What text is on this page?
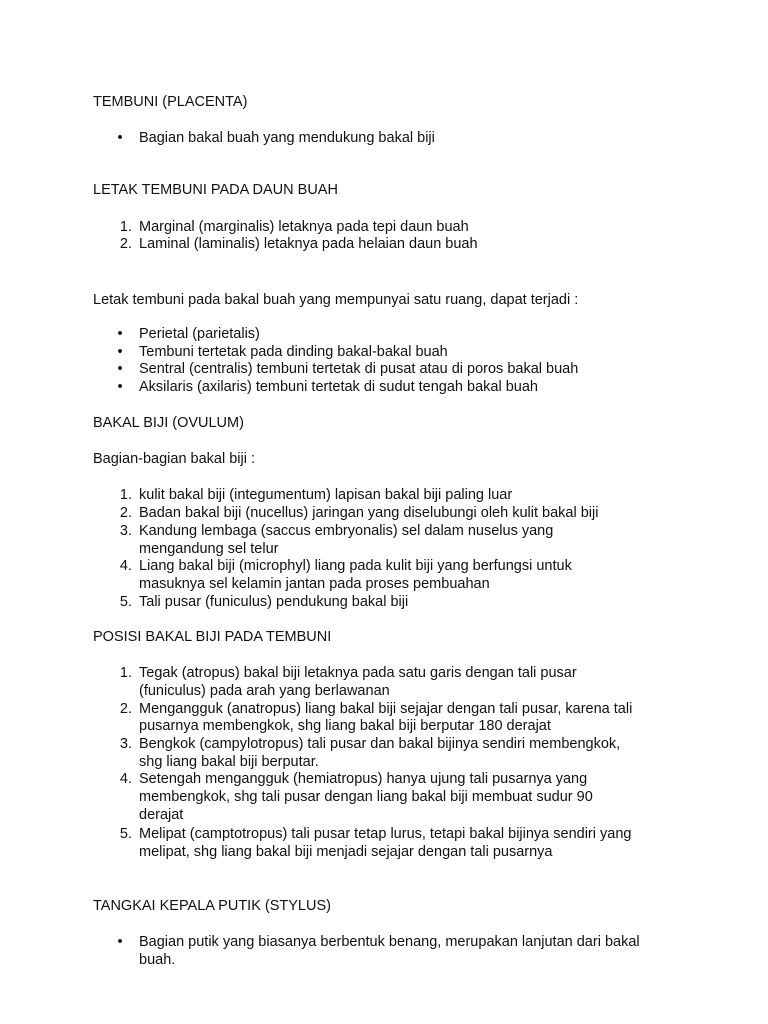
TEMBUNI (PLACENTA)
• Bagian bakal buah yang mendukung bakal biji
LETAK TEMBUNI PADA DAUN BUAH
1. Marginal (marginalis) letaknya pada tepi daun buah
2. Laminal (laminalis) letaknya pada helaian daun buah
Letak tembuni pada bakal buah yang mempunyai satu ruang, dapat terjadi :
• Perietal (parietalis)
• Tembuni tertetak pada dinding bakal-bakal buah
• Sentral (centralis) tembuni tertetak di pusat atau di poros bakal buah
• Aksilaris (axilaris) tembuni tertetak di sudut tengah bakal buah
BAKAL BIJI (OVULUM)
Bagian-bagian bakal biji :
1. kulit bakal biji (integumentum) lapisan bakal biji paling luar
2. Badan bakal biji (nucellus) jaringan yang diselubungi oleh kulit bakal biji
3. Kandung lembaga (saccus embryonalis) sel dalam nuselus yang
mengandung sel telur
4. Liang bakal biji (microphyl) liang pada kulit biji yang berfungsi untuk
masuknya sel kelamin jantan pada proses pembuahan
5. Tali pusar (funiculus) pendukung bakal biji
POSISI BAKAL BIJI PADA TEMBUNI
1. Tegak (atropus) bakal biji letaknya pada satu garis dengan tali pusar
(funiculus) pada arah yang berlawanan
2. Mengangguk (anatropus) liang bakal biji sejajar dengan tali pusar, karena tali
pusarnya membengkok, shg liang bakal biji berputar 180 derajat
3. Bengkok (campylotropus) tali pusar dan bakal bijinya sendiri membengkok,
shg liang bakal biji berputar.
4. Setengah mengangguk (hemiatropus) hanya ujung tali pusarnya yang
membengkok, shg tali pusar dengan liang bakal biji membuat sudur 90
derajat
5. Melipat (camptotropus) tali pusar tetap lurus, tetapi bakal bijinya sendiri yang
melipat, shg liang bakal biji menjadi sejajar dengan tali pusarnya
TANGKAI KEPALA PUTIK (STYLUS)
• Bagian putik yang biasanya berbentuk benang, merupakan lanjutan dari bakal
buah.
